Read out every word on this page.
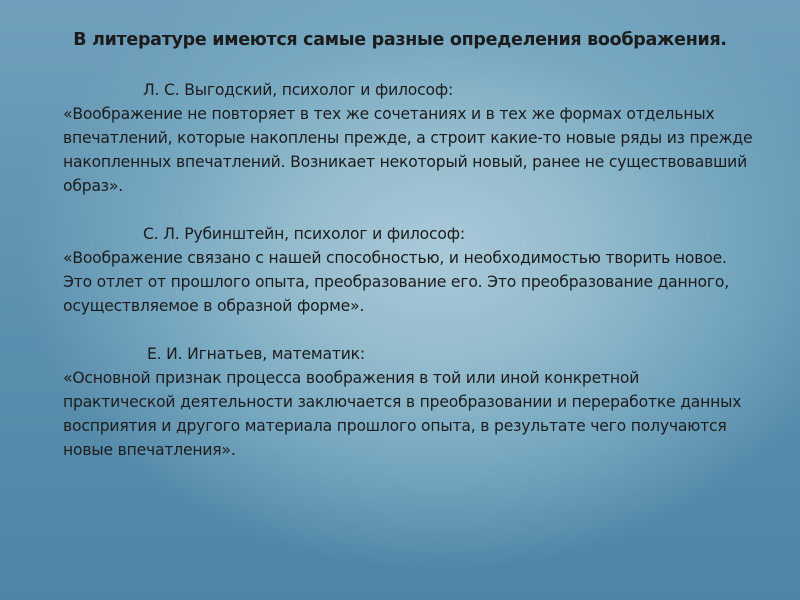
В литературе имеются самые разные определения воображения.
Л. С. Выгодский, психолог и философ:
«Воображение не повторяет в тех же сочетаниях и в тех же формах отдельных впечатлений, которые накоплены прежде, а строит какие-то новые ряды из прежде накопленных впечатлений. Возникает некоторый новый, ранее не существовавший образ».
С. Л. Рубинштейн, психолог и философ:
«Воображение связано с нашей способностью, и необходимостью творить новое. Это отлет от прошлого опыта, преобразование его. Это преобразование данного, осуществляемое в образной форме».
Е. И. Игнатьев, математик:
«Основной признак процесса воображения в той или иной конкретной практической деятельности заключается в преобразовании и переработке данных восприятия и другого материала прошлого опыта, в результате чего получаются новые впечатления».
